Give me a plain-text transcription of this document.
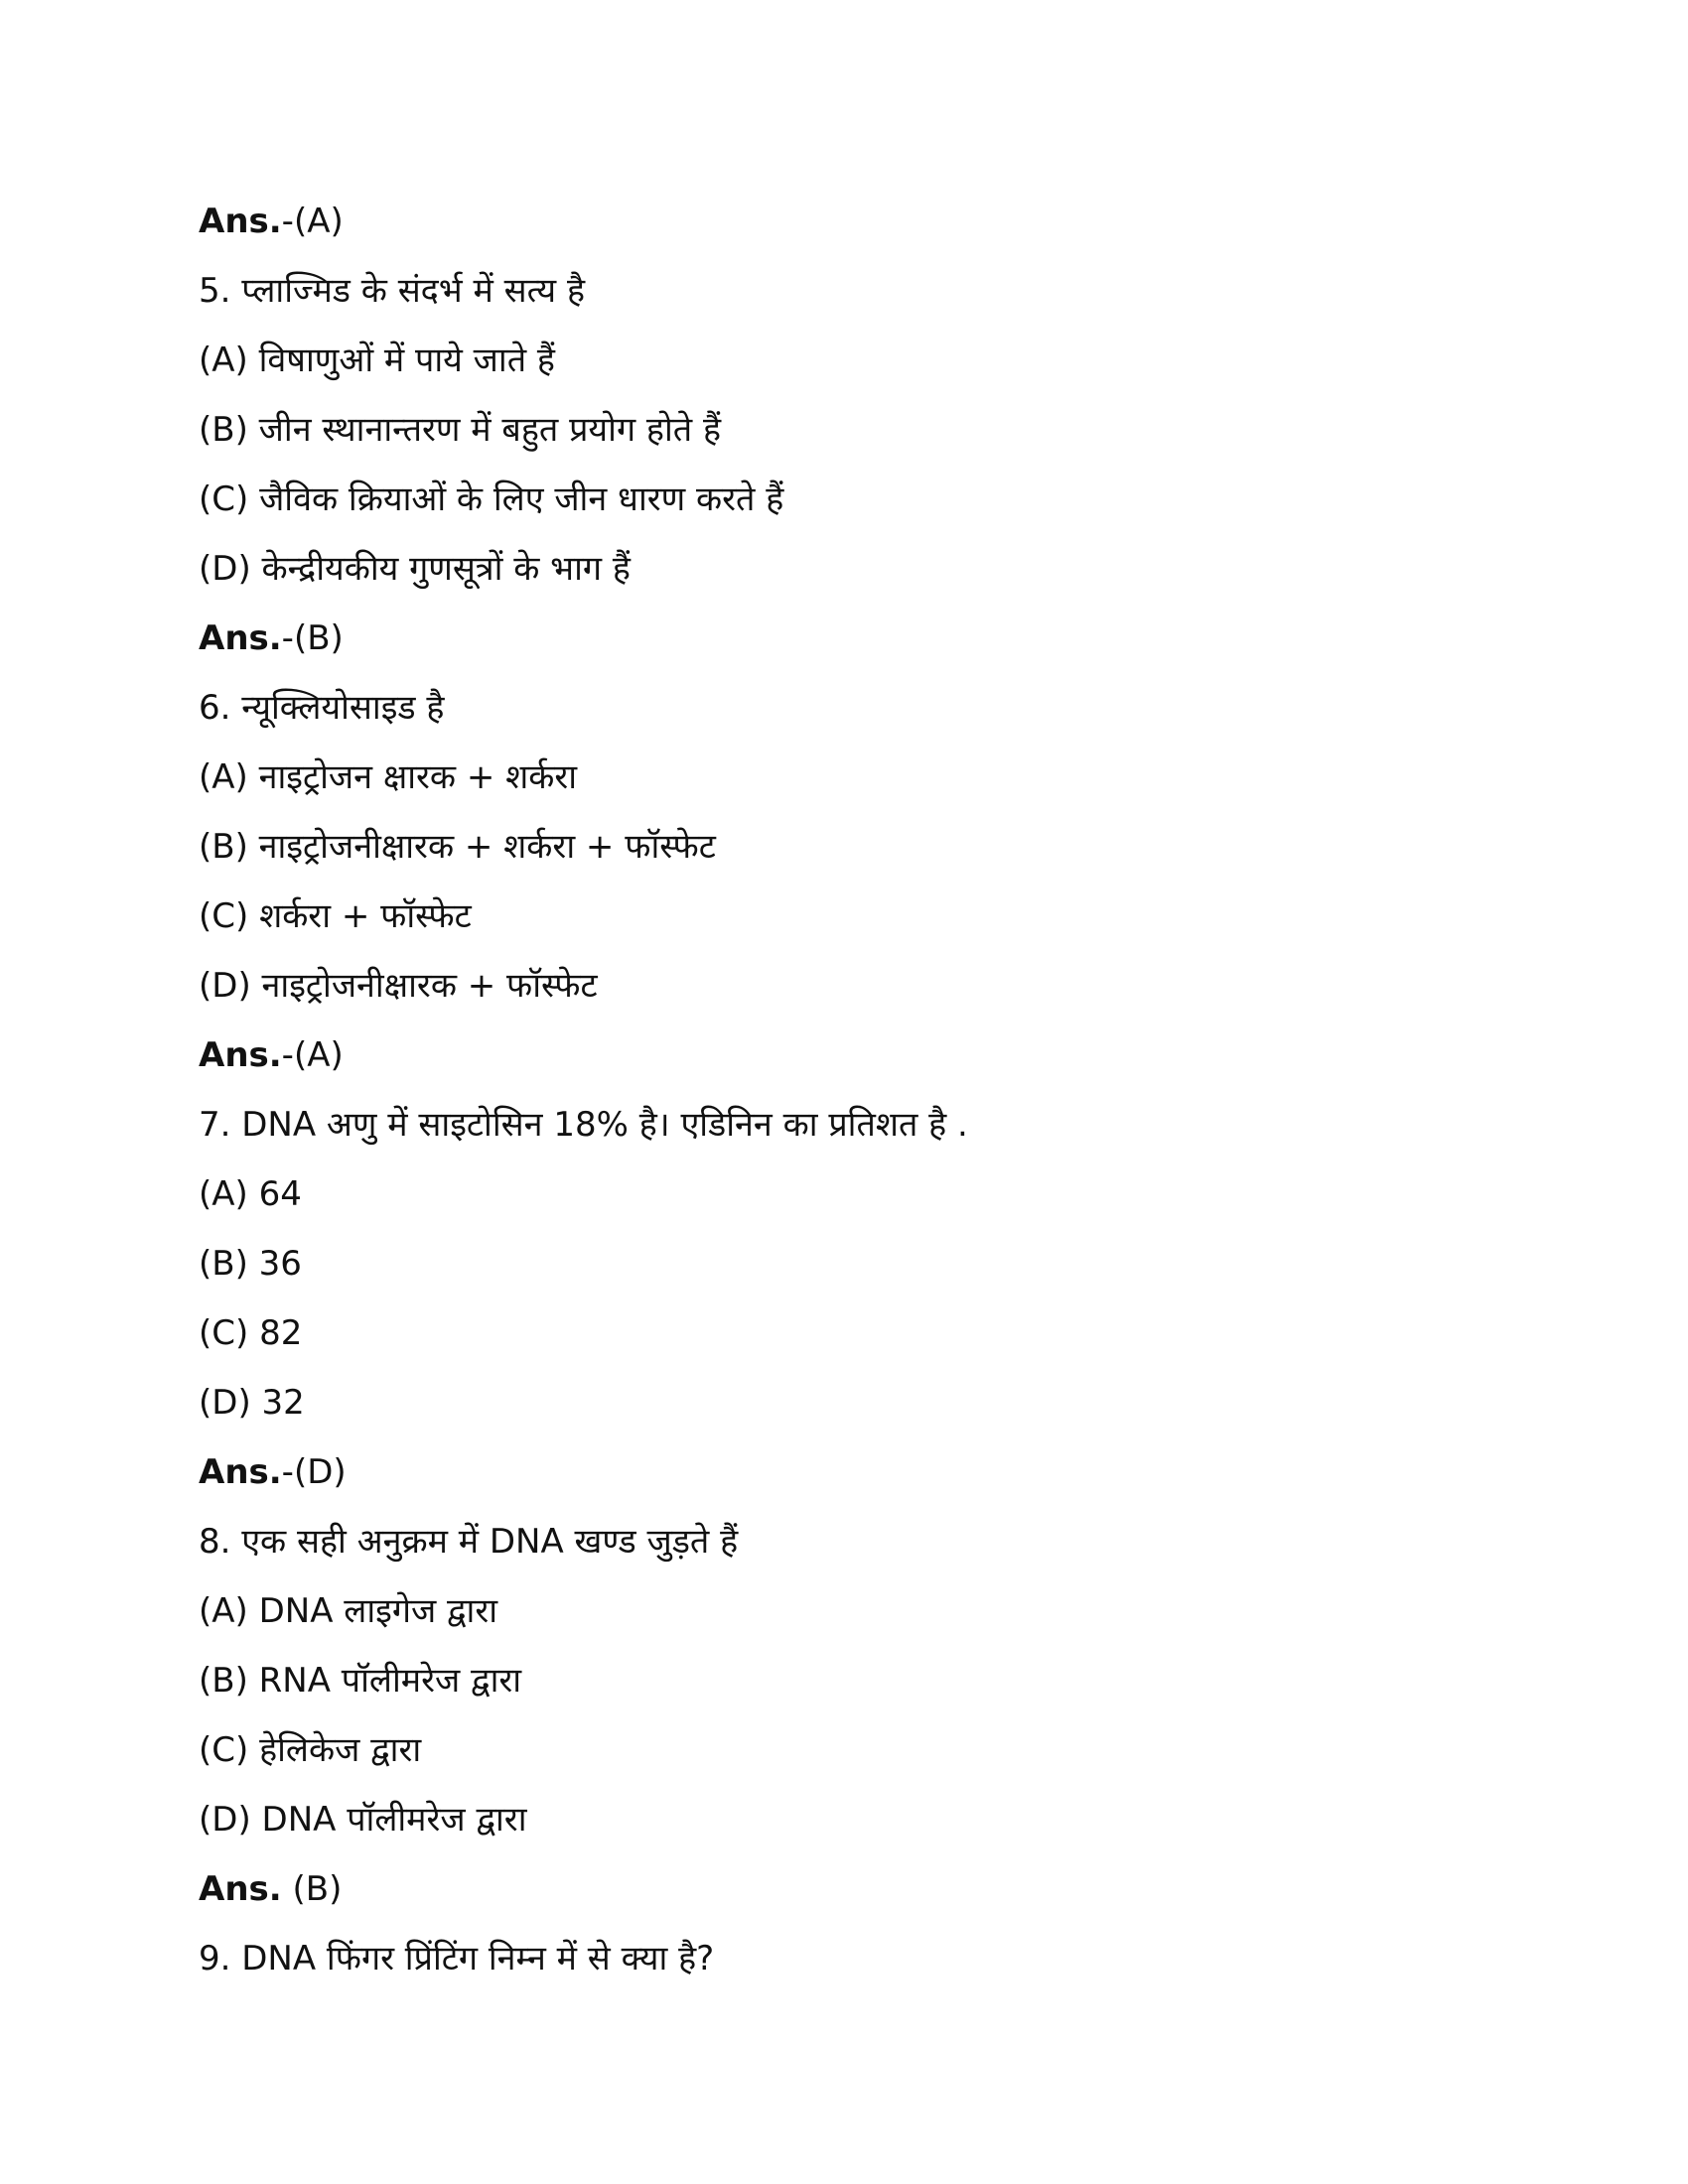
Ans.-(A)
5. प्लाज्मिड के संदर्भ में सत्य है
(A) विषाणुओं में पाये जाते हैं
(B) जीन स्थानान्तरण में बहुत प्रयोग होते हैं
(C) जैविक क्रियाओं के लिए जीन धारण करते हैं
(D) केन्द्रीयकीय गुणसूत्रों के भाग हैं
Ans.-(B)
6. न्यूक्लियोसाइड है
(A) नाइट्रोजन क्षारक + शर्करा
(B) नाइट्रोजनीक्षारक + शर्करा + फॉस्फेट
(C) शर्करा + फॉस्फेट
(D) नाइट्रोजनीक्षारक + फॉस्फेट
Ans.-(A)
7. DNA अणु में साइटोसिन 18% है। एडिनिन का प्रतिशत है .
(A) 64
(B) 36
(C) 82
(D) 32
Ans.-(D)
8. एक सही अनुक्रम में DNA खण्ड जुड़ते हैं
(A) DNA लाइगेज द्वारा
(B) RNA पॉलीमरेज द्वारा
(C) हेलिकेज द्वारा
(D) DNA पॉलीमरेज द्वारा
Ans. (B)
9. DNA फिंगर प्रिंटिंग निम्न में से क्या है?
